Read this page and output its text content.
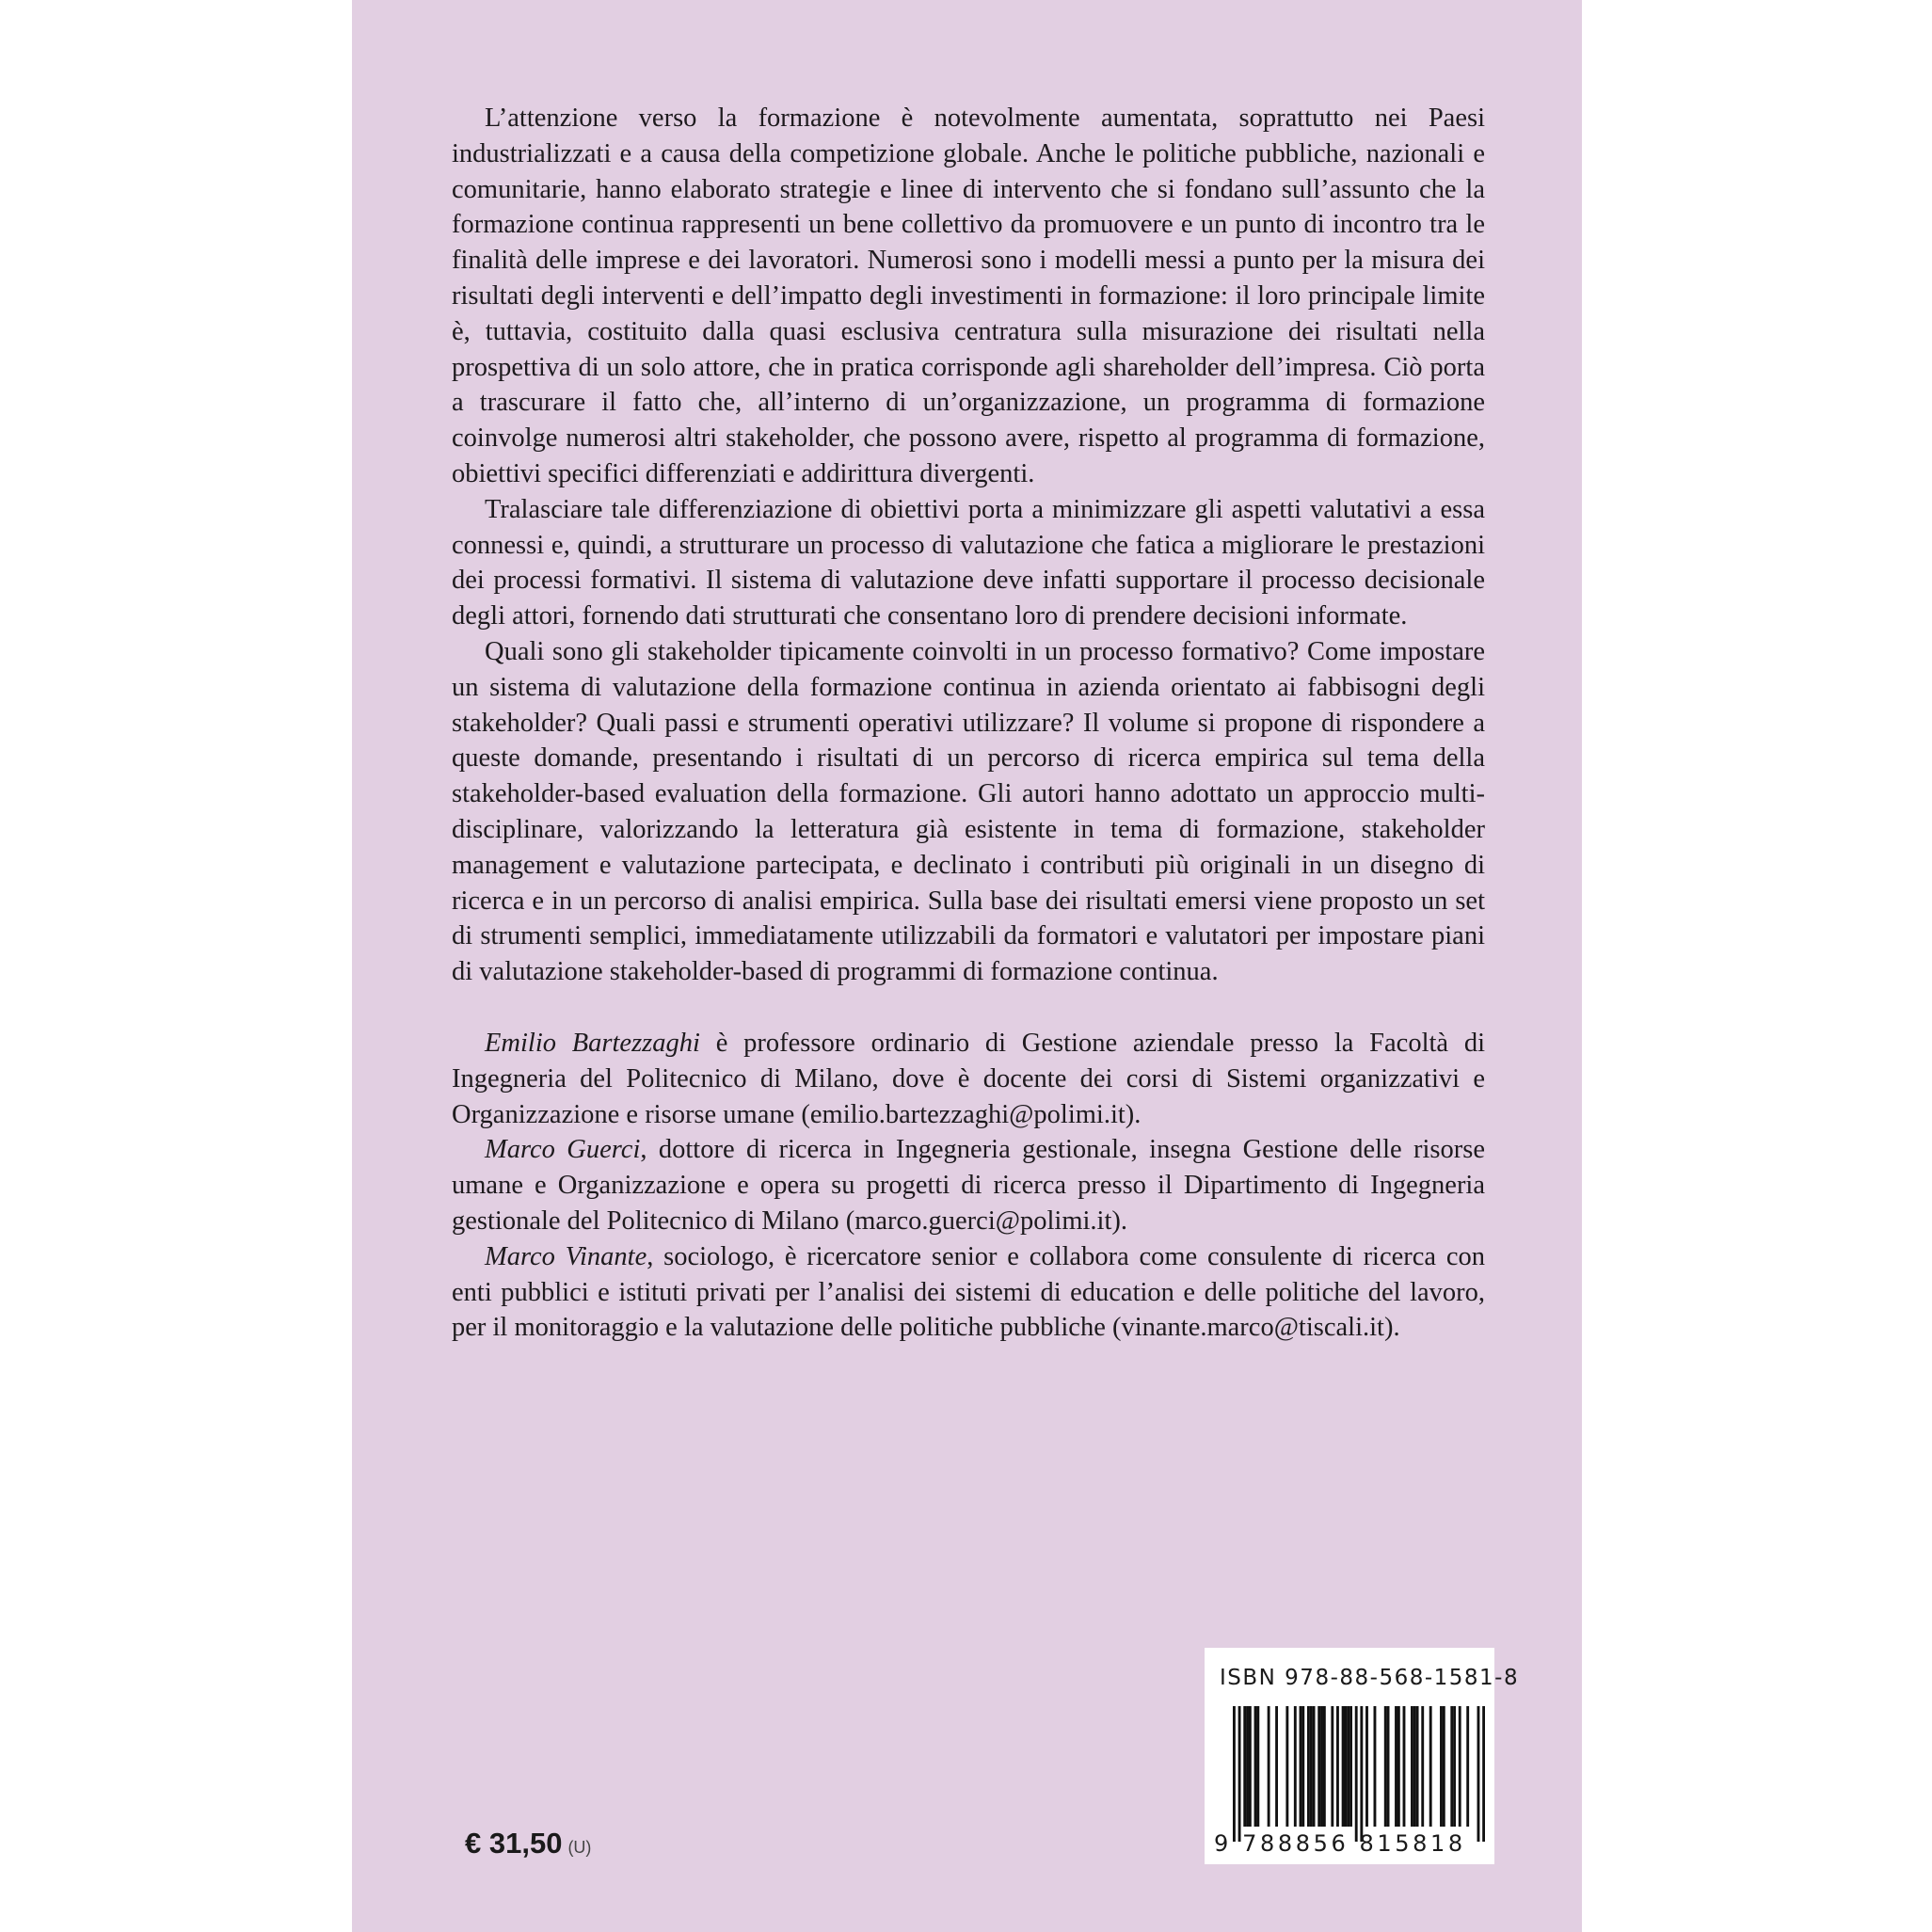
L’attenzione verso la formazione è notevolmente aumentata, soprattutto nei Paesi industrializzati e a causa della competizione globale. Anche le politiche pubbliche, nazionali e comunitarie, hanno elaborato strategie e linee di intervento che si fondano sull’assunto che la formazione continua rappresenti un bene collettivo da promuovere e un punto di incontro tra le finalità delle imprese e dei lavoratori. Numerosi sono i modelli messi a punto per la misura dei risultati degli interventi e dell’impatto degli investimenti in formazione: il loro principale limite è, tuttavia, costituito dalla quasi esclusiva centratura sulla misurazione dei risultati nella prospettiva di un solo attore, che in pratica corrisponde agli shareholder dell’impresa. Ciò porta a trascurare il fatto che, all’interno di un’organizzazione, un programma di formazione coinvolge numerosi altri stakeholder, che possono avere, rispetto al programma di formazione, obiettivi specifici differenziati e addirittura divergenti.

Tralasciare tale differenziazione di obiettivi porta a minimizzare gli aspetti valutativi a essa connessi e, quindi, a strutturare un processo di valutazione che fatica a migliorare le prestazioni dei processi formativi. Il sistema di valutazione deve infatti supportare il processo decisionale degli attori, fornendo dati strutturati che consentano loro di prendere decisioni informate.

Quali sono gli stakeholder tipicamente coinvolti in un processo formativo? Come impostare un sistema di valutazione della formazione continua in azienda orientato ai fabbisogni degli stakeholder? Quali passi e strumenti operativi utilizzare? Il volume si propone di rispondere a queste domande, presentando i risultati di un percorso di ricerca empirica sul tema della stakeholder-based evaluation della formazione. Gli autori hanno adottato un approccio multi-disciplinare, valorizzando la letteratura già esistente in tema di formazione, stakeholder management e valutazione partecipata, e declinato i contributi più originali in un disegno di ricerca e in un percorso di analisi empirica. Sulla base dei risultati emersi viene proposto un set di strumenti semplici, immediatamente utilizzabili da formatori e valutatori per impostare piani di valutazione stakeholder-based di programmi di formazione continua.

Emilio Bartezzaghi è professore ordinario di Gestione aziendale presso la Facoltà di Ingegneria del Politecnico di Milano, dove è docente dei corsi di Sistemi organizzativi e Organizzazione e risorse umane (emilio.bartezzaghi@polimi.it).

Marco Guerci, dottore di ricerca in Ingegneria gestionale, insegna Gestione delle risorse umane e Organizzazione e opera su progetti di ricerca presso il Dipartimento di Ingegneria gestionale del Politecnico di Milano (marco.guerci@polimi.it).

Marco Vinante, sociologo, è ricercatore senior e collabora come consulente di ricerca con enti pubblici e istituti privati per l’analisi dei sistemi di education e delle politiche del lavoro, per il monitoraggio e la valutazione delle politiche pubbliche (vinante.marco@tiscali.it).

€ 31,50 (U)
ISBN 978-88-568-1581-8
9 788856 815818
